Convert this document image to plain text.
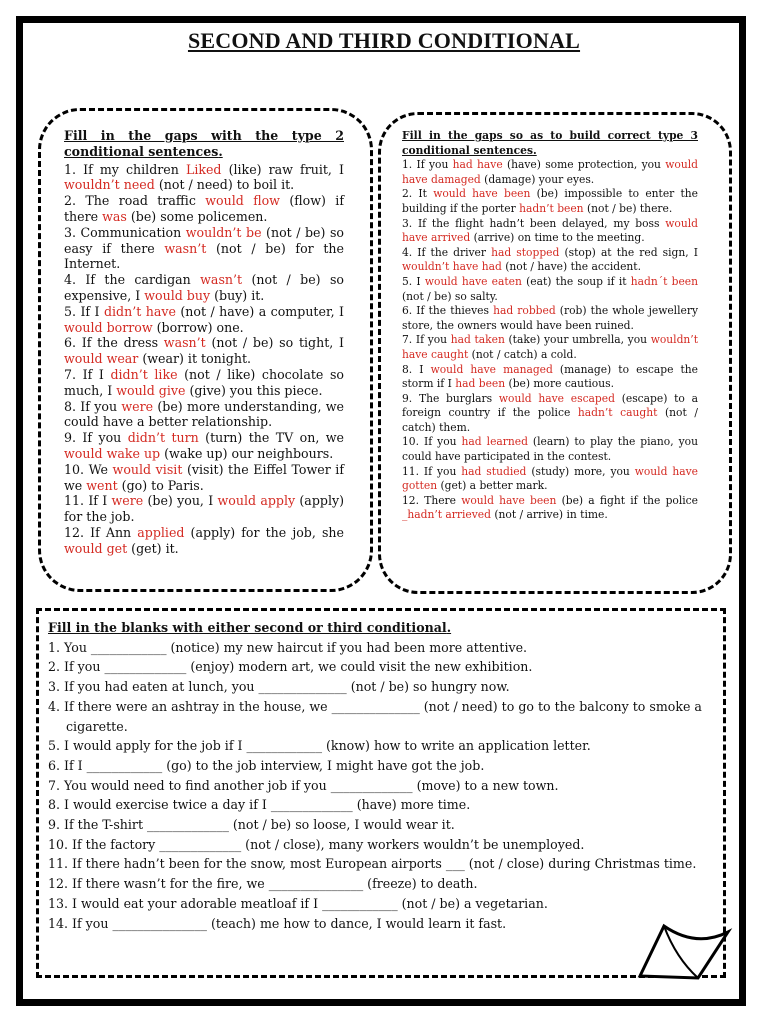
SECOND AND THIRD CONDITIONAL
Fill in the gaps with the type 2 conditional sentences.
1. If my children Liked (like) raw fruit, I wouldn’t need (not / need) to boil it.
2. The road traffic would flow (flow) if there was (be) some policemen.
3. Communication wouldn’t be (not / be) so easy if there wasn’t (not / be) for the Internet.
4. If the cardigan wasn’t (not / be) so expensive, I would buy (buy) it.
5. If I didn’t have (not / have) a computer, I would borrow (borrow) one.
6. If the dress wasn’t (not / be) so tight, I would wear (wear) it tonight.
7. If I didn’t like (not / like) chocolate so much, I would give (give) you this piece.
8. If you were (be) more understanding, we could have a better relationship.
9. If you didn’t turn (turn) the TV on, we would wake up (wake up) our neighbours.
10. We would visit (visit) the Eiffel Tower if we went (go) to Paris.
11. If I were (be) you, I would apply (apply) for the job.
12. If Ann applied (apply) for the job, she would get (get) it.
Fill in the gaps so as to build correct type 3 conditional sentences.
1. If you had have (have) some protection, you would have damaged (damage) your eyes.
2. It would have been (be) impossible to enter the building if the porter hadn’t been (not / be) there.
3. If the flight hadn’t been delayed, my boss would have arrived (arrive) on time to the meeting.
4. If the driver had stopped (stop) at the red sign, I wouldn’t have had (not / have) the accident.
5. I would have eaten (eat) the soup if it hadn´t been (not / be) so salty.
6. If the thieves had robbed (rob) the whole jewellery store, the owners would have been ruined.
7. If you had taken (take) your umbrella, you wouldn’t have caught (not / catch) a cold.
8. I would have managed (manage) to escape the storm if I had been (be) more cautious.
9. The burglars would have escaped (escape) to a foreign country if the police hadn’t caught (not / catch) them.
10. If you had learned (learn) to play the piano, you could have participated in the contest.
11. If you had studied (study) more, you would have gotten (get) a better mark.
12. There would have been (be) a fight if the police _hadn’t arrieved (not / arrive) in time.
Fill in the blanks with either second or third conditional.
1. You ____________ (notice) my new haircut if you had been more attentive.
2. If you _____________ (enjoy) modern art, we could visit the new exhibition.
3. If you had eaten at lunch, you ______________ (not / be) so hungry now.
4. If there were an ashtray in the house, we ______________ (not / need) to go to the balcony to smoke a
cigarette.
5. I would apply for the job if I ____________ (know) how to write an application letter.
6. If I ____________ (go) to the job interview, I might have got the job.
7. You would need to find another job if you _____________ (move) to a new town.
8. I would exercise twice a day if I _____________ (have) more time.
9. If the T-shirt _____________ (not / be) so loose, I would wear it.
10. If the factory _____________ (not / close), many workers wouldn’t be unemployed.
11. If there hadn’t been for the snow, most European airports ___ (not / close) during Christmas time.
12. If there wasn’t for the fire, we _______________ (freeze) to death.
13. I would eat your adorable meatloaf if I ____________ (not / be) a vegetarian.
14. If you _______________ (teach) me how to dance, I would learn it fast.
